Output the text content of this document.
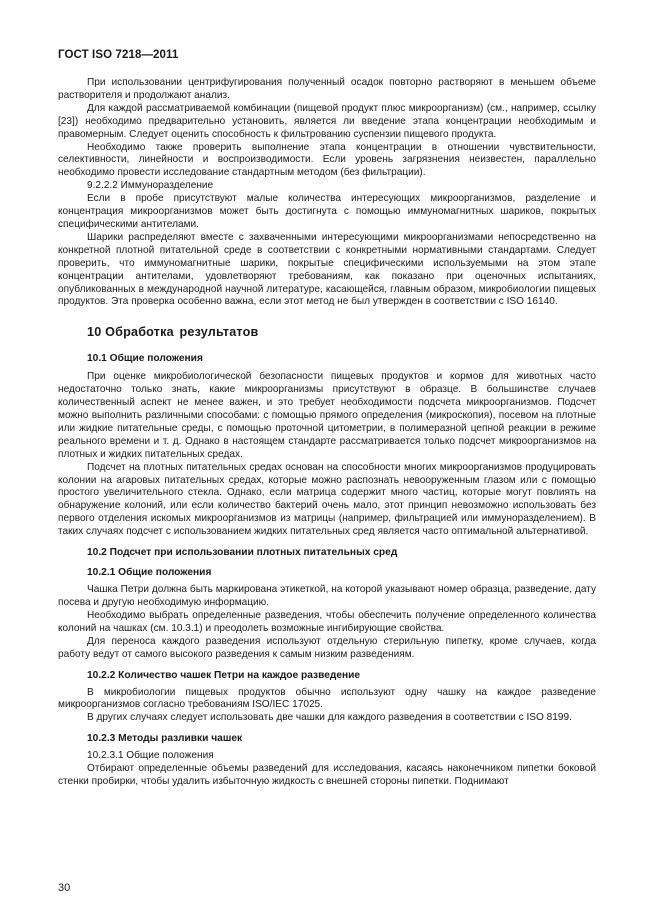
ГОСТ ISO 7218—2011

При использовании центрифугирования полученный осадок повторно растворяют в меньшем объеме растворителя и продолжают анализ.

Для каждой рассматриваемой комбинации (пищевой продукт плюс микроорганизм) (см., например, ссылку [23]) необходимо предварительно установить, является ли введение этапа концентрации необходимым и правомерным. Следует оценить способность к фильтрованию суспензии пищевого продукта.

Необходимо также проверить выполнение этапа концентрации в отношении чувствительности, селективности, линейности и воспроизводимости. Если уровень загрязнения неизвестен, параллельно необходимо провести исследование стандартным методом (без фильтрации).

9.2.2.2 Иммуноразделение

Если в пробе присутствуют малые количества интересующих микроорганизмов, разделение и концентрация микроорганизмов может быть достигнута с помощью иммуномагнитных шариков, покрытых специфическими антителами.

Шарики распределяют вместе с захваченными интересующими микроорганизмами непосредственно на конкретной плотной питательной среде в соответствии с конкретными нормативными стандартами. Следует проверить, что иммуномагнитные шарики, покрытые специфическими используемыми на этом этапе концентрации антителами, удовлетворяют требованиям, как показано при оценочных испытаниях, опубликованных в международной научной литературе, касающейся, главным образом, микробиологии пищевых продуктов. Эта проверка особенно важна, если этот метод не был утвержден в соответствии с ISO 16140.

10 Обработка результатов

10.1 Общие положения

При оценке микробиологической безопасности пищевых продуктов и кормов для животных часто недостаточно только знать, какие микроорганизмы присутствуют в образце. В большинстве случаев количественный аспект не менее важен, и это требует необходимости подсчета микроорганизмов. Подсчет можно выполнить различными способами: с помощью прямого определения (микроскопия), посевом на плотные или жидкие питательные среды, с помощью проточной цитометрии, в полимеразной цепной реакции в режиме реального времени и т. д. Однако в настоящем стандарте рассматривается только подсчет микроорганизмов на плотных и жидких питательных средах.

Подсчет на плотных питательных средах основан на способности многих микроорганизмов продуцировать колонии на агаровых питательных средах, которые можно распознать невооруженным глазом или с помощью простого увеличительного стекла. Однако, если матрица содержит много частиц, которые могут повлиять на обнаружение колоний, или если количество бактерий очень мало, этот принцип невозможно использовать без первого отделения искомых микроорганизмов из матрицы (например, фильтрацией или иммуноразделением). В таких случаях подсчет с использованием жидких питательных сред является часто оптимальной альтернативой.

10.2 Подсчет при использовании плотных питательных сред

10.2.1 Общие положения

Чашка Петри должна быть маркирована этикеткой, на которой указывают номер образца, разведение, дату посева и другую необходимую информацию.

Необходимо выбрать определенные разведения, чтобы обеспечить получение определенного количества колоний на чашках (см. 10.3.1) и преодолеть возможные ингибирующие свойства.

Для переноса каждого разведения используют отдельную стерильную пипетку, кроме случаев, когда работу ведут от самого высокого разведения к самым низким разведениям.

10.2.2 Количество чашек Петри на каждое разведение

В микробиологии пищевых продуктов обычно используют одну чашку на каждое разведение микроорганизмов согласно требованиям ISO/IEC 17025.

В других случаях следует использовать две чашки для каждого разведения в соответствии с ISO 8199.

10.2.3 Методы разливки чашек

10.2.3.1 Общие положения

Отбирают определенные объемы разведений для исследования, касаясь наконечником пипетки боковой стенки пробирки, чтобы удалить избыточную жидкость с внешней стороны пипетки. Поднимают

30
